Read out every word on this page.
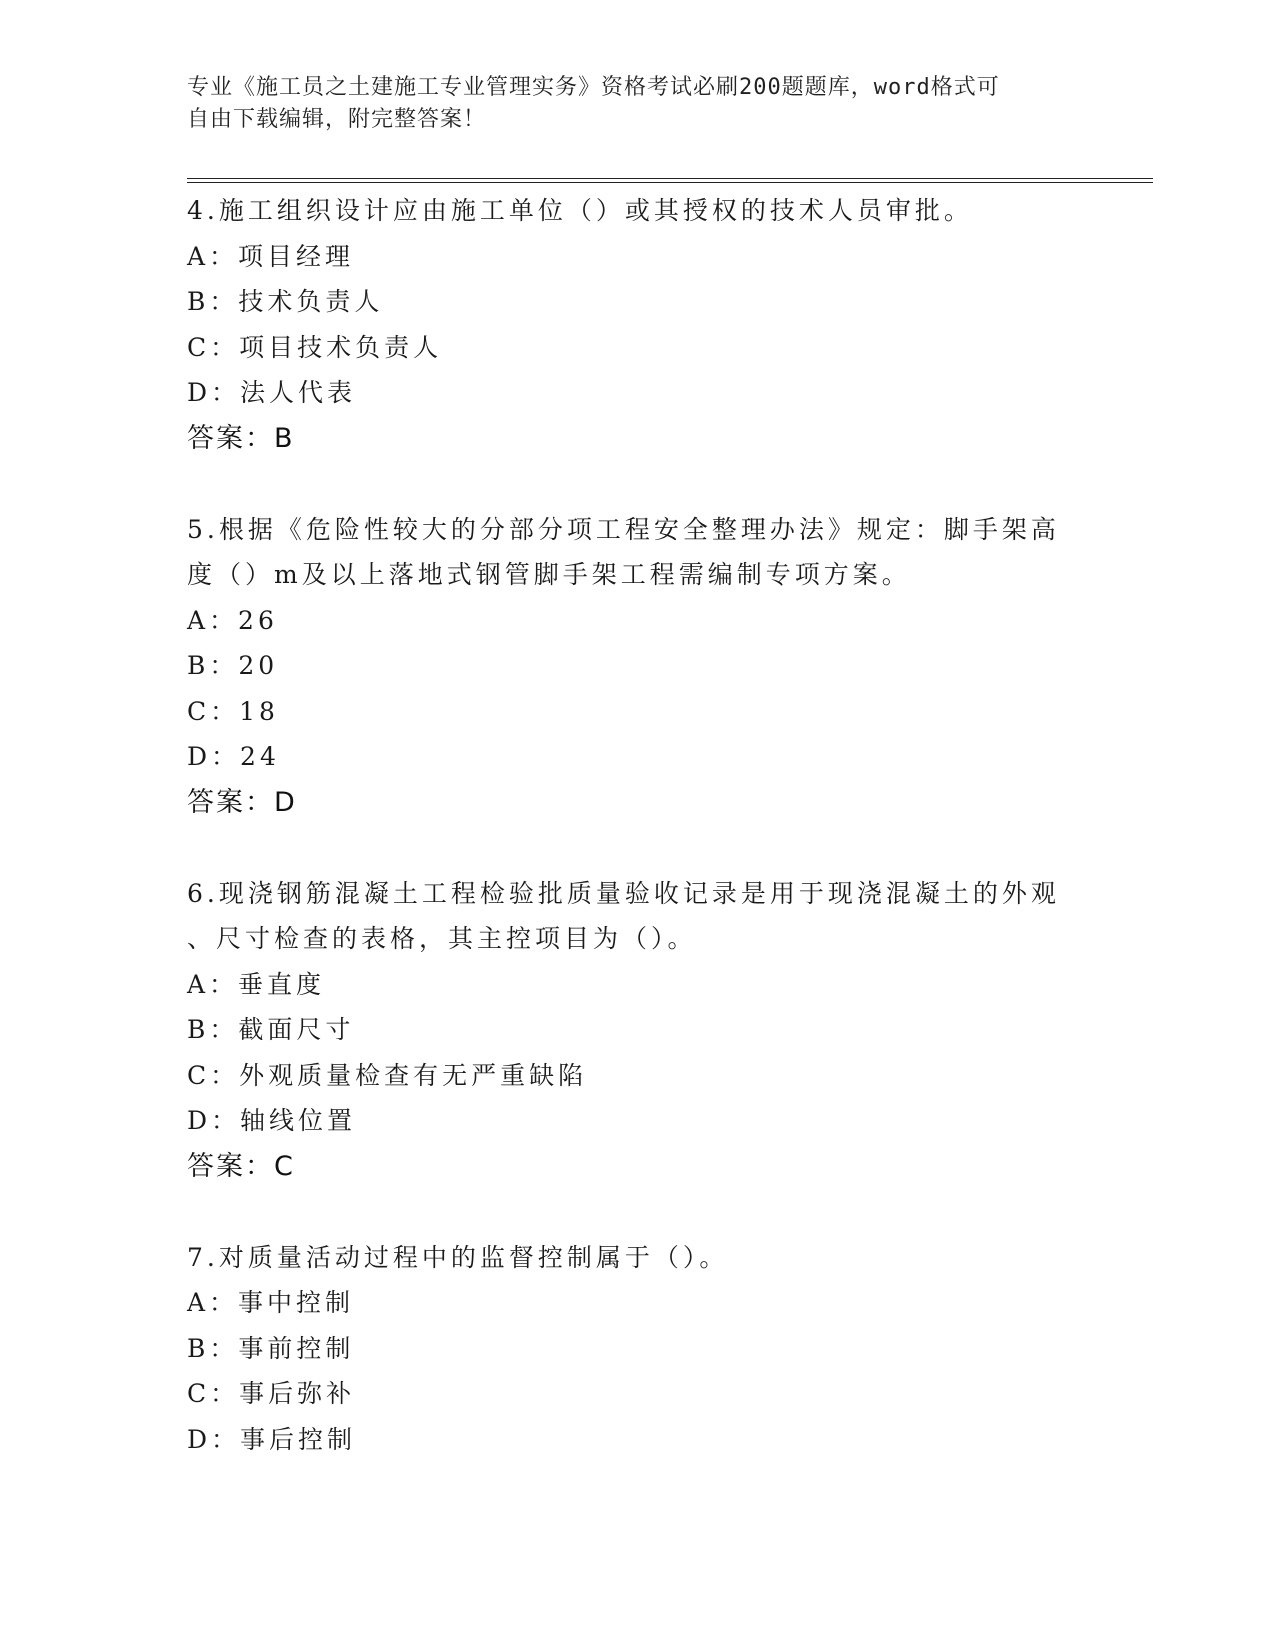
专业《施工员之土建施工专业管理实务》资格考试必刷200题题库，word格式可
自由下载编辑，附完整答案！
4.施工组织设计应由施工单位（）或其授权的技术人员审批。
A：项目经理
B：技术负责人
C：项目技术负责人
D：法人代表
答案：B
5.根据《危险性较大的分部分项工程安全整理办法》规定：脚手架高
度（）m及以上落地式钢管脚手架工程需编制专项方案。
A：26
B：20
C：18
D：24
答案：D
6.现浇钢筋混凝土工程检验批质量验收记录是用于现浇混凝土的外观
、尺寸检查的表格，其主控项目为（）。
A：垂直度
B：截面尺寸
C：外观质量检查有无严重缺陷
D：轴线位置
答案：C
7.对质量活动过程中的监督控制属于（）。
A：事中控制
B：事前控制
C：事后弥补
D：事后控制
